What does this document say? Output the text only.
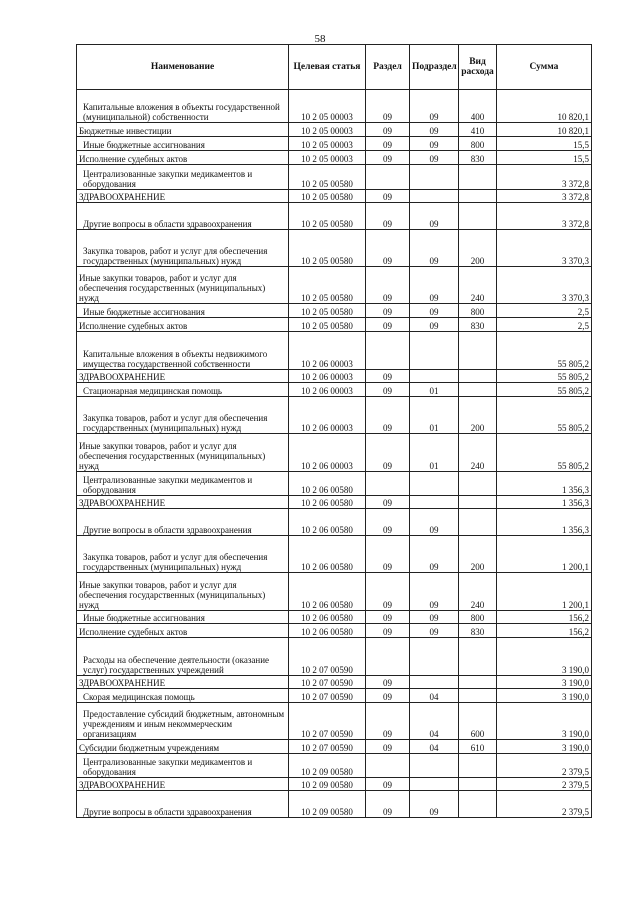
58
Наименование	Целевая статья	Раздел	Подраздел	Вид расхода	Сумма
Капитальные вложения в объекты государственной (муниципальной) собственности	10 2 05 00003	09	09	400	10 820,1
Бюджетные инвестиции	10 2 05 00003	09	09	410	10 820,1
Иные бюджетные ассигнования	10 2 05 00003	09	09	800	15,5
Исполнение судебных актов	10 2 05 00003	09	09	830	15,5
Централизованные закупки медикаментов и оборудования	10 2 05 00580				3 372,8
ЗДРАВООХРАНЕНИЕ	10 2 05 00580	09			3 372,8
Другие вопросы в области здравоохранения	10 2 05 00580	09	09		3 372,8
Закупка товаров, работ и услуг для обеспечения государственных (муниципальных) нужд	10 2 05 00580	09	09	200	3 370,3
Иные закупки товаров, работ и услуг для обеспечения государственных (муниципальных) нужд	10 2 05 00580	09	09	240	3 370,3
Иные бюджетные ассигнования	10 2 05 00580	09	09	800	2,5
Исполнение судебных актов	10 2 05 00580	09	09	830	2,5
Капитальные вложения в объекты недвижимого имущества государственной собственности	10 2 06 00003				55 805,2
ЗДРАВООХРАНЕНИЕ	10 2 06 00003	09			55 805,2
Стационарная медицинская помощь	10 2 06 00003	09	01		55 805,2
Закупка товаров, работ и услуг для обеспечения государственных (муниципальных) нужд	10 2 06 00003	09	01	200	55 805,2
Иные закупки товаров, работ и услуг для обеспечения государственных (муниципальных) нужд	10 2 06 00003	09	01	240	55 805,2
Централизованные закупки медикаментов и оборудования	10 2 06 00580				1 356,3
ЗДРАВООХРАНЕНИЕ	10 2 06 00580	09			1 356,3
Другие вопросы в области здравоохранения	10 2 06 00580	09	09		1 356,3
Закупка товаров, работ и услуг для обеспечения государственных (муниципальных) нужд	10 2 06 00580	09	09	200	1 200,1
Иные закупки товаров, работ и услуг для обеспечения государственных (муниципальных) нужд	10 2 06 00580	09	09	240	1 200,1
Иные бюджетные ассигнования	10 2 06 00580	09	09	800	156,2
Исполнение судебных актов	10 2 06 00580	09	09	830	156,2
Расходы на обеспечение деятельности (оказание услуг) государственных учреждений	10 2 07 00590				3 190,0
ЗДРАВООХРАНЕНИЕ	10 2 07 00590	09			3 190,0
Скорая медицинская помощь	10 2 07 00590	09	04		3 190,0
Предоставление субсидий бюджетным, автономным учреждениям и иным некоммерческим организациям	10 2 07 00590	09	04	600	3 190,0
Субсидии бюджетным учреждениям	10 2 07 00590	09	04	610	3 190,0
Централизованные закупки медикаментов и оборудования	10 2 09 00580				2 379,5
ЗДРАВООХРАНЕНИЕ	10 2 09 00580	09			2 379,5
Другие вопросы в области здравоохранения	10 2 09 00580	09	09		2 379,5
